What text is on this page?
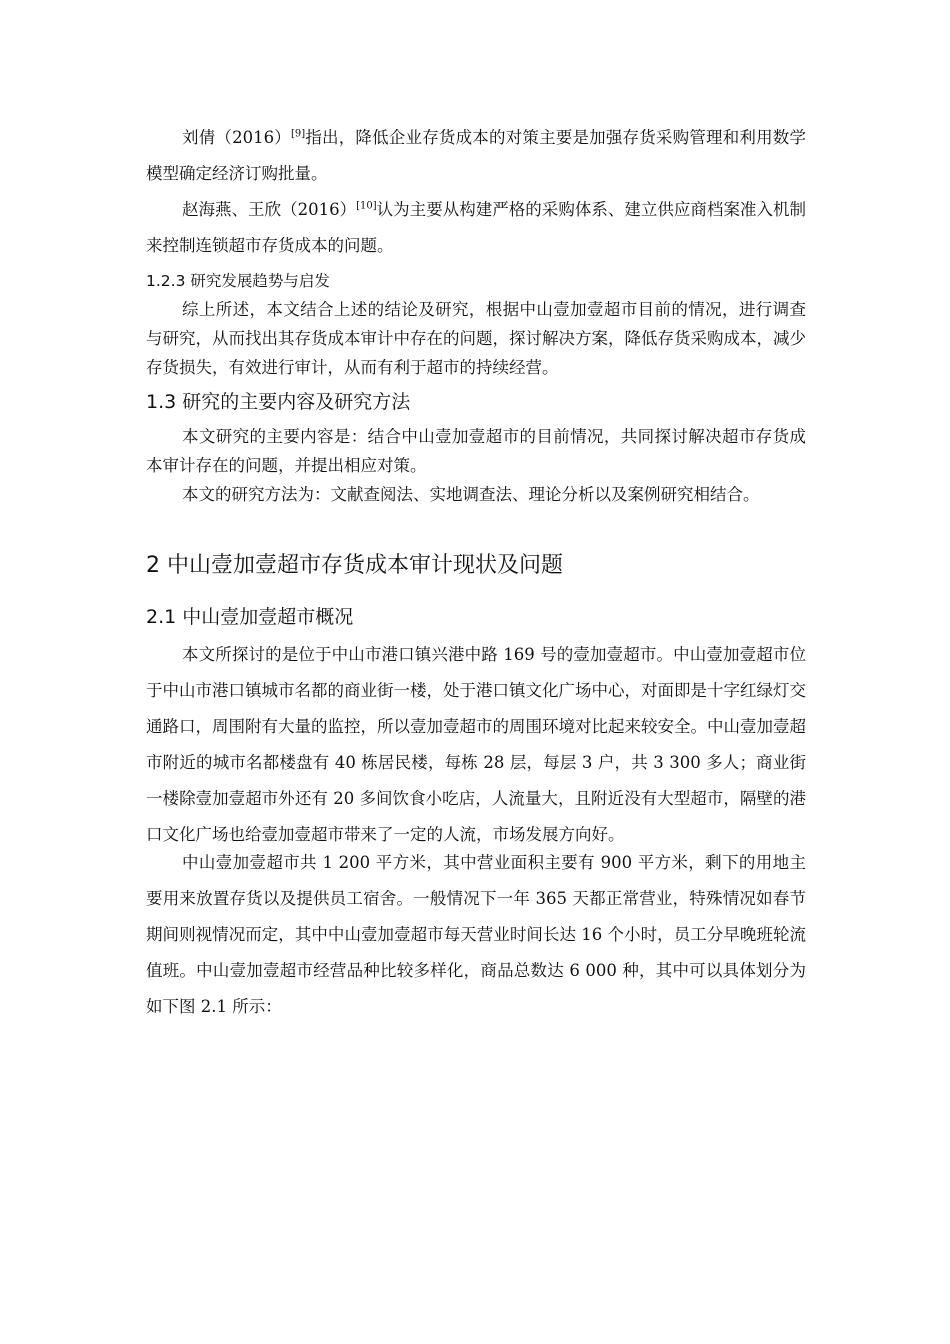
刘倩（2016）[9]指出，降低企业存货成本的对策主要是加强存货采购管理和利用数学模型确定经济订购批量。

赵海燕、王欣（2016）[10]认为主要从构建严格的采购体系、建立供应商档案准入机制来控制连锁超市存货成本的问题。

1.2.3 研究发展趋势与启发

综上所述，本文结合上述的结论及研究，根据中山壹加壹超市目前的情况，进行调查与研究，从而找出其存货成本审计中存在的问题，探讨解决方案，降低存货采购成本，减少存货损失，有效进行审计，从而有利于超市的持续经营。

1.3 研究的主要内容及研究方法

本文研究的主要内容是：结合中山壹加壹超市的目前情况，共同探讨解决超市存货成本审计存在的问题，并提出相应对策。

本文的研究方法为：文献查阅法、实地调查法、理论分析以及案例研究相结合。

2 中山壹加壹超市存货成本审计现状及问题
2.1 中山壹加壹超市概况

本文所探讨的是位于中山市港口镇兴港中路 169 号的壹加壹超市。中山壹加壹超市位于中山市港口镇城市名都的商业街一楼，处于港口镇文化广场中心，对面即是十字红绿灯交通路口，周围附有大量的监控，所以壹加壹超市的周围环境对比起来较安全。中山壹加壹超市附近的城市名都楼盘有 40 栋居民楼，每栋 28 层，每层 3 户，共 3 300 多人；商业街一楼除壹加壹超市外还有 20 多间饮食小吃店，人流量大，且附近没有大型超市，隔壁的港口文化广场也给壹加壹超市带来了一定的人流，市场发展方向好。

中山壹加壹超市共 1 200 平方米，其中营业面积主要有 900 平方米，剩下的用地主要用来放置存货以及提供员工宿舍。一般情况下一年 365 天都正常营业，特殊情况如春节期间则视情况而定，其中中山壹加壹超市每天营业时间长达 16 个小时，员工分早晚班轮流值班。中山壹加壹超市经营品种比较多样化，商品总数达 6 000 种，其中可以具体划分为如下图 2.1 所示：
